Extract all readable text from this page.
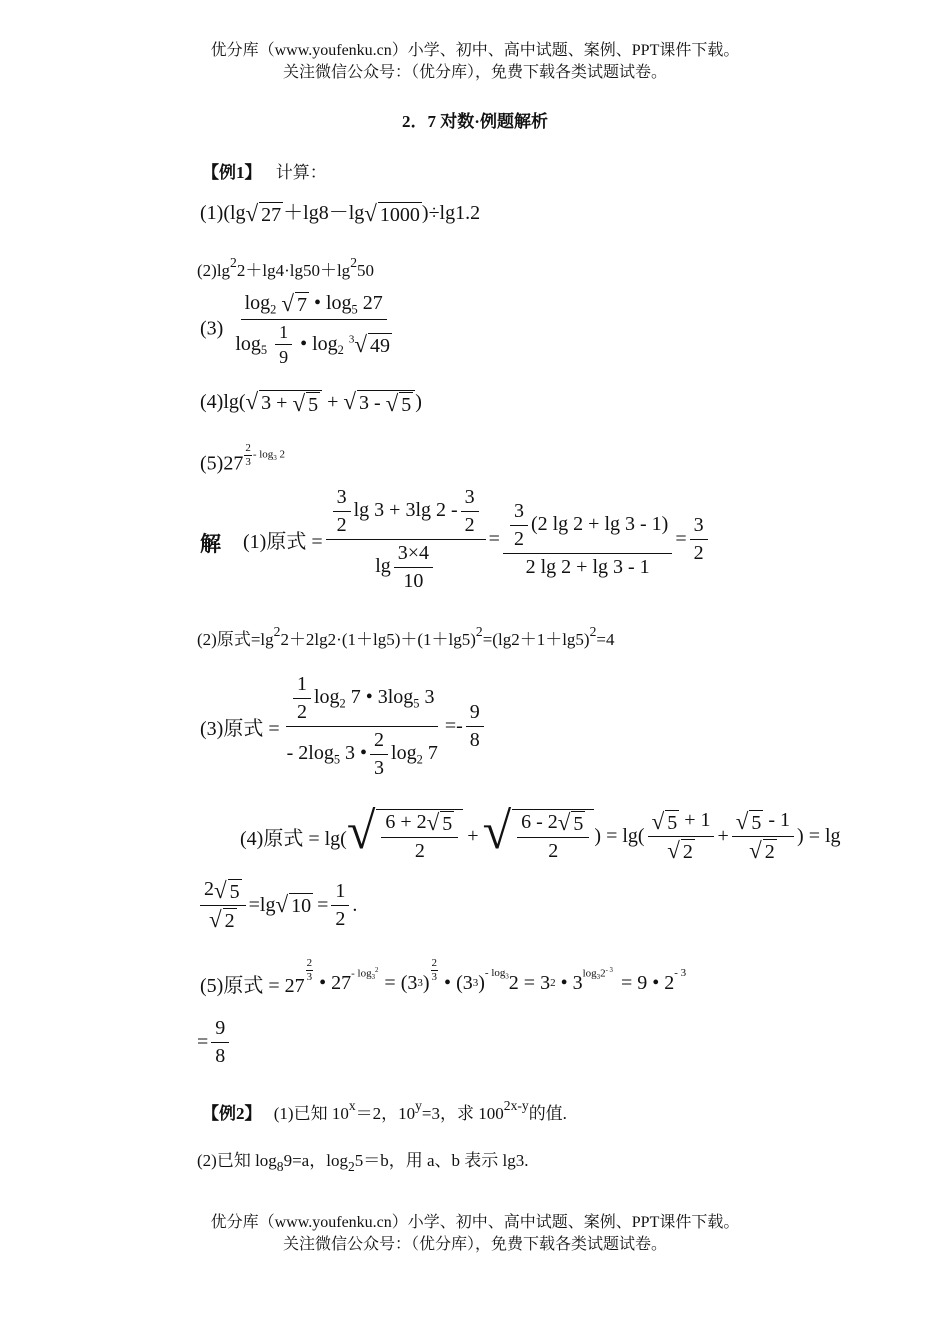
优分库（www.youfenku.cn）小学、初中、高中试题、案例、PPT课件下载。
关注微信公众号：（优分库），免费下载各类试题试卷。
2．7 对数·例题解析
【例1】 计算：
(1)(lg √ 27 ＋lg8－lg √ 1000 )÷lg1.2
$(2)\lg^22+\lg 4\cdot\lg 50+\lg^250$
$(3) \frac{\log_2 √ 7 • \log_5 27}{\log_5 \frac{1}{9} • \log_2 ^3 √ 49}$
(4)lg( √ 3 + √ 5 + √ 3 - √ 5 )
$(5)27 \frac{2}{3} - \log_3 2$
解 (1)原式 = $\frac{\frac{3}{2} \lg 3 + 3\lg 2 - \frac{3}{2}}{\lg \frac{3\times 4}{10}} = \frac{\frac{3}{2} (2 \lg 2 + \lg 3 - 1)}{2 \lg 2 + \lg 3 - 1} = \frac{3}{2}$
(2)原式$=\lg^22+2\lg 2\cdot(1+\lg 5)+(1+\lg 5)^2=(\lg 2+1+\lg 5)^2=4$
(3)原式 = $\frac{\frac{1}{2} \log_2 7 • 3\log_5 3}{- 2\log_5 3 • \frac{2}{3} \log_2 7} =- \frac{9}{8}$
(4)原式 = lg( √ $\frac{6 + 2 √ 5}{2}$ + √ $\frac{6 - 2 √ 5}{2}$ ) = $\lg( \frac{√ 5 + 1}{√ 2} + \frac{√ 5 - 1}{√ 2}$ ) = lg
$\frac{2 √ 5}{√ 2} =\lg$ √ $10 = \frac{1}{2}$ .
(5)原式 = 27
$\frac{2}{3}$ • $27 - \log_3^2$
= (3 3 ) $\frac{2}{3}$ • (3 3 ) - $\log_3 2 = 3$ 2 • 3 $\log_32^{- 3}$
= 9 • 2 - 3
= $\frac{9}{8}$
【例2】 (1)已知 $10^x=2$，$10^y=3$，求 $100^{2x-y}$的值.
(2)已知 $\log_89=a$，$\log_25=b$，用 a、b 表示 lg3.
优分库（www.youfenku.cn）小学、初中、高中试题、案例、PPT课件下载。
关注微信公众号：（优分库），免费下载各类试题试卷。
